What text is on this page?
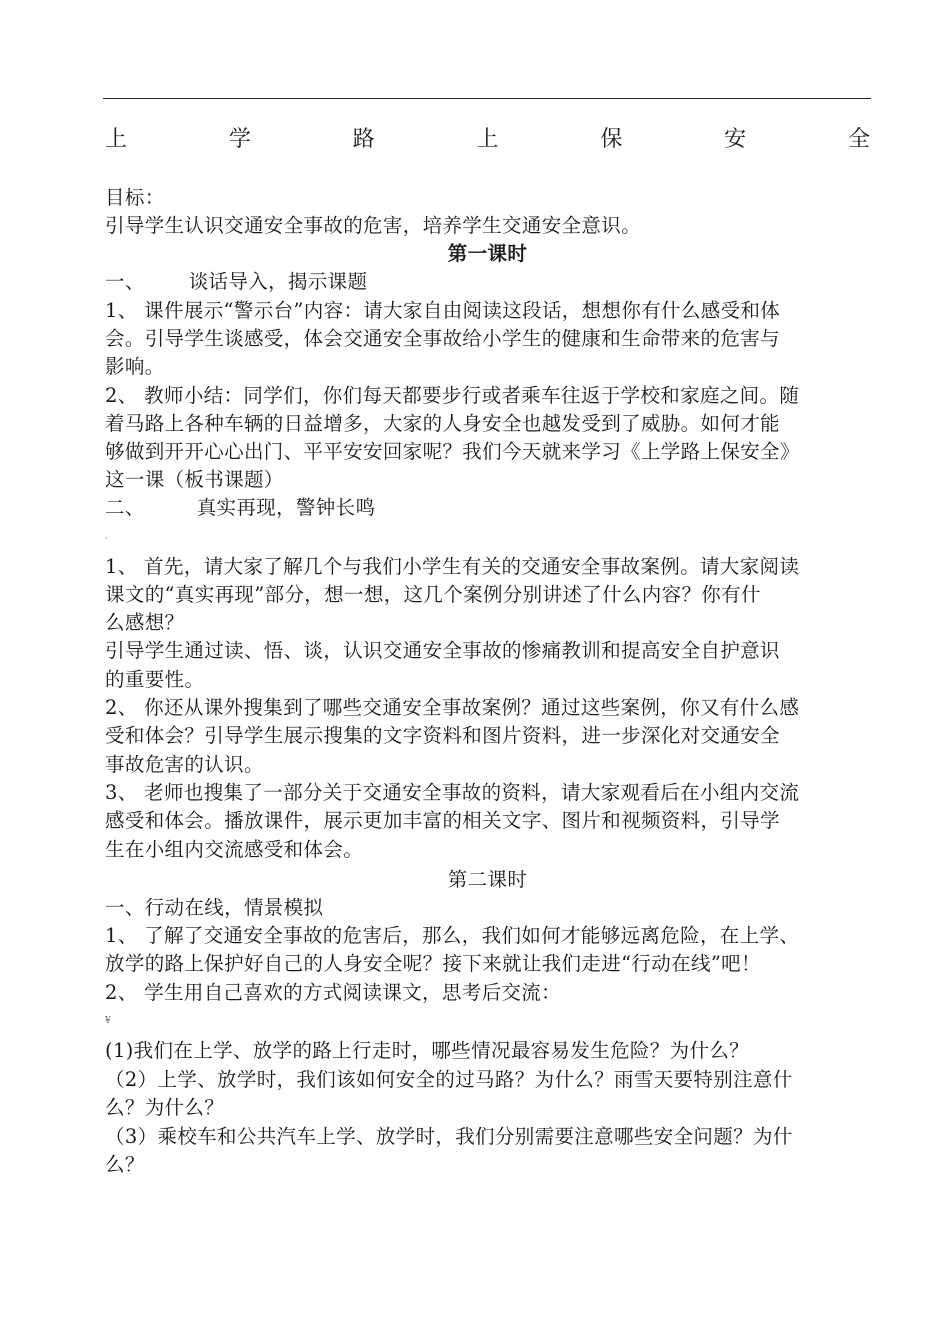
上	学	路	上	保	安	全
目标：
引导学生认识交通安全事故的危害，培养学生交通安全意识。
第一课时
一、 谈话导入，揭示课题
1、 课件展示“警示台”内容：请大家自由阅读这段话，想想你有什么感受和体
会。引导学生谈感受，体会交通安全事故给小学生的健康和生命带来的危害与
影响。
2、 教师小结：同学们，你们每天都要步行或者乘车往返于学校和家庭之间。随
着马路上各种车辆的日益增多，大家的人身安全也越发受到了威胁。如何才能
够做到开开心心出门、平平安安回家呢？我们今天就来学习《上学路上保安全》
这一课（板书课题）
二、	真实再现，警钟长鸣
·
1、 首先，请大家了解几个与我们小学生有关的交通安全事故案例。请大家阅读
课文的“真实再现”部分，想一想，这几个案例分别讲述了什么内容？你有什
么感想？
引导学生通过读、悟、谈，认识交通安全事故的惨痛教训和提高安全自护意识
的重要性。
2、 你还从课外搜集到了哪些交通安全事故案例？通过这些案例，你又有什么感
受和体会？引导学生展示搜集的文字资料和图片资料，进一步深化对交通安全
事故危害的认识。
3、 老师也搜集了一部分关于交通安全事故的资料，请大家观看后在小组内交流
感受和体会。播放课件，展示更加丰富的相关文字、图片和视频资料，引导学
生在小组内交流感受和体会。
第二课时
一、行动在线，情景模拟
1、 了解了交通安全事故的危害后，那么，我们如何才能够远离危险，在上学、
放学的路上保护好自己的人身安全呢？接下来就让我们走进“行动在线”吧！
2、 学生用自己喜欢的方式阅读课文，思考后交流：
¥
(1)我们在上学、放学的路上行走时，哪些情况最容易发生危险？为什么？
（2）上学、放学时，我们该如何安全的过马路？为什么？雨雪天要特别注意什
么？为什么？
（3）乘校车和公共汽车上学、放学时，我们分别需要注意哪些安全问题？为什
么？
